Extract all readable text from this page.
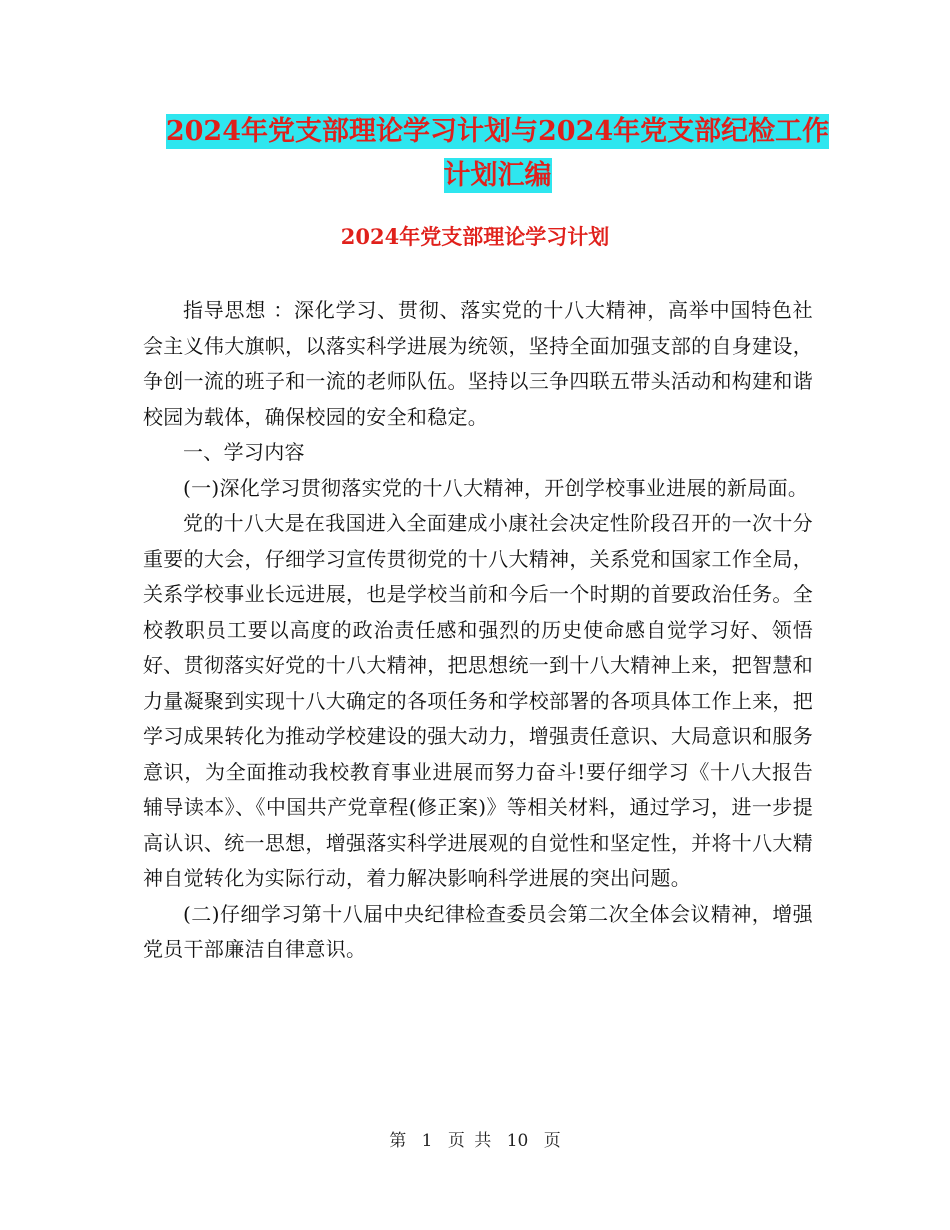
2024年党支部理论学习计划与2024年党支部纪检工作
计划汇编
2024年党支部理论学习计划

指导思想 ：深化学习、贯彻、落实党的十八大精神，高举中国特色社会主义伟大旗帜，以落实科学进展为统领，坚持全面加强支部的自身建设，争创一流的班子和一流的老师队伍。坚持以三争四联五带头活动和构建和谐校园为载体，确保校园的安全和稳定。

一、学习内容

(一)深化学习贯彻落实党的十八大精神，开创学校事业进展的新局面。

党的十八大是在我国进入全面建成小康社会决定性阶段召开的一次十分重要的大会，仔细学习宣传贯彻党的十八大精神，关系党和国家工作全局，关系学校事业长远进展，也是学校当前和今后一个时期的首要政治任务。全校教职员工要以高度的政治责任感和强烈的历史使命感自觉学习好、领悟好、贯彻落实好党的十八大精神，把思想统一到十八大精神上来，把智慧和力量凝聚到实现十八大确定的各项任务和学校部署的各项具体工作上来，把学习成果转化为推动学校建设的强大动力，增强责任意识、大局意识和服务意识，为全面推动我校教育事业进展而努力奋斗!要仔细学习《十八大报告辅导读本》、《中国共产党章程(修正案)》等相关材料，通过学习，进一步提高认识、统一思想，增强落实科学进展观的自觉性和坚定性，并将十八大精神自觉转化为实际行动，着力解决影响科学进展的突出问题。

(二)仔细学习第十八届中央纪律检查委员会第二次全体会议精神，增强党员干部廉洁自律意识。

第 1 页 共 10 页
